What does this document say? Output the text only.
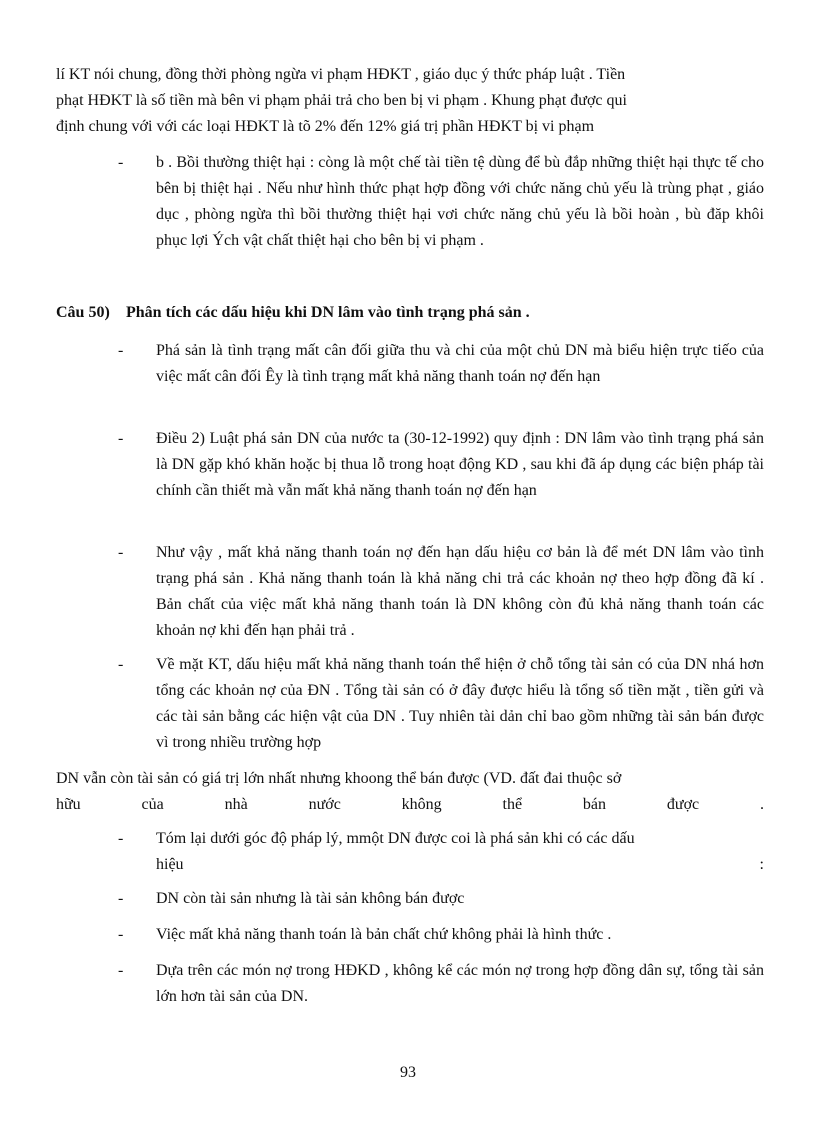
lí KT nói chung, đồng thời phòng ngừa vi phạm HĐKT , giáo dục ý thức pháp luật . Tiền
phạt HĐKT là số tiền mà bên vi phạm phải trả cho ben bị vi phạm . Khung phạt được qui
định chung với với các loại HĐKT là tõ 2% đến 12% giá trị phần HĐKT bị vi phạm
-	b . Bồi thường thiệt hại : còng là một chế tài tiền tệ dùng để bù đắp những thiệt hại thực tế cho bên bị thiệt hại . Nếu như hình thức phạt hợp đồng với chức năng chủ yếu là trùng phạt , giáo dục , phòng ngừa thì bồi thường thiệt hại vơi chức năng chủ yếu là bồi hoàn , bù đăp khôi phục lợi Ých vật chất thiệt hại cho bên bị vi phạm .
Câu 50) Phân tích các dấu hiệu khi DN lâm vào tình trạng phá sản .
-	Phá sản là tình trạng mất cân đối giữa thu và chi của một chủ DN mà biểu hiện trực tiếo của việc mất cân đối Êy là tình trạng mất khả năng thanh toán nợ đến hạn
-	Điều 2) Luật phá sản DN của nước ta (30-12-1992) quy định : DN lâm vào tình trạng phá sản là DN gặp khó khăn hoặc bị thua lỗ trong hoạt động KD , sau khi đã áp dụng các biện pháp tài chính cần thiết mà vẫn mất khả năng thanh toán nợ đến hạn
-	Như vậy , mất khả năng thanh toán nợ đến hạn dấu hiệu cơ bản là để mét DN lâm vào tình trạng phá sản . Khả năng thanh toán là khả năng chi trả các khoản nợ theo hợp đồng đã kí . Bản chất của việc mất khả năng thanh toán là DN không còn đủ khả năng thanh toán các khoản nợ khi đến hạn phải trả .
-	Về mặt KT, dấu hiệu mất khả năng thanh toán thể hiện ở chỗ tổng tài sản có của DN nhá hơn tổng các khoản nợ của ĐN . Tổng tài sản có ở đây được hiểu là tổng số tiền mặt , tiền gửi và các tài sản bằng các hiện vật của DN . Tuy nhiên tài dản chỉ bao gồm những tài sản bán được vì trong nhiều trường hợp
DN vẫn còn tài sản có giá trị lớn nhất nhưng khoong thể bán được (VD. đất đai thuộc sở
hữu	của	nhà	nước	không	thể	bán	được	.
-	Tóm lại dưới góc độ pháp lý, mmột DN được coi là phá sản khi có các dấu
hiệu	:
-	DN còn tài sản nhưng là tài sản không bán được
-	Việc mất khả năng thanh toán là bản chất chứ không phải là hình thức .
-	Dựa trên các món nợ trong HĐKD , không kể các món nợ trong hợp đồng dân sự, tổng tài sản lớn hơn tài sản của DN.
93
